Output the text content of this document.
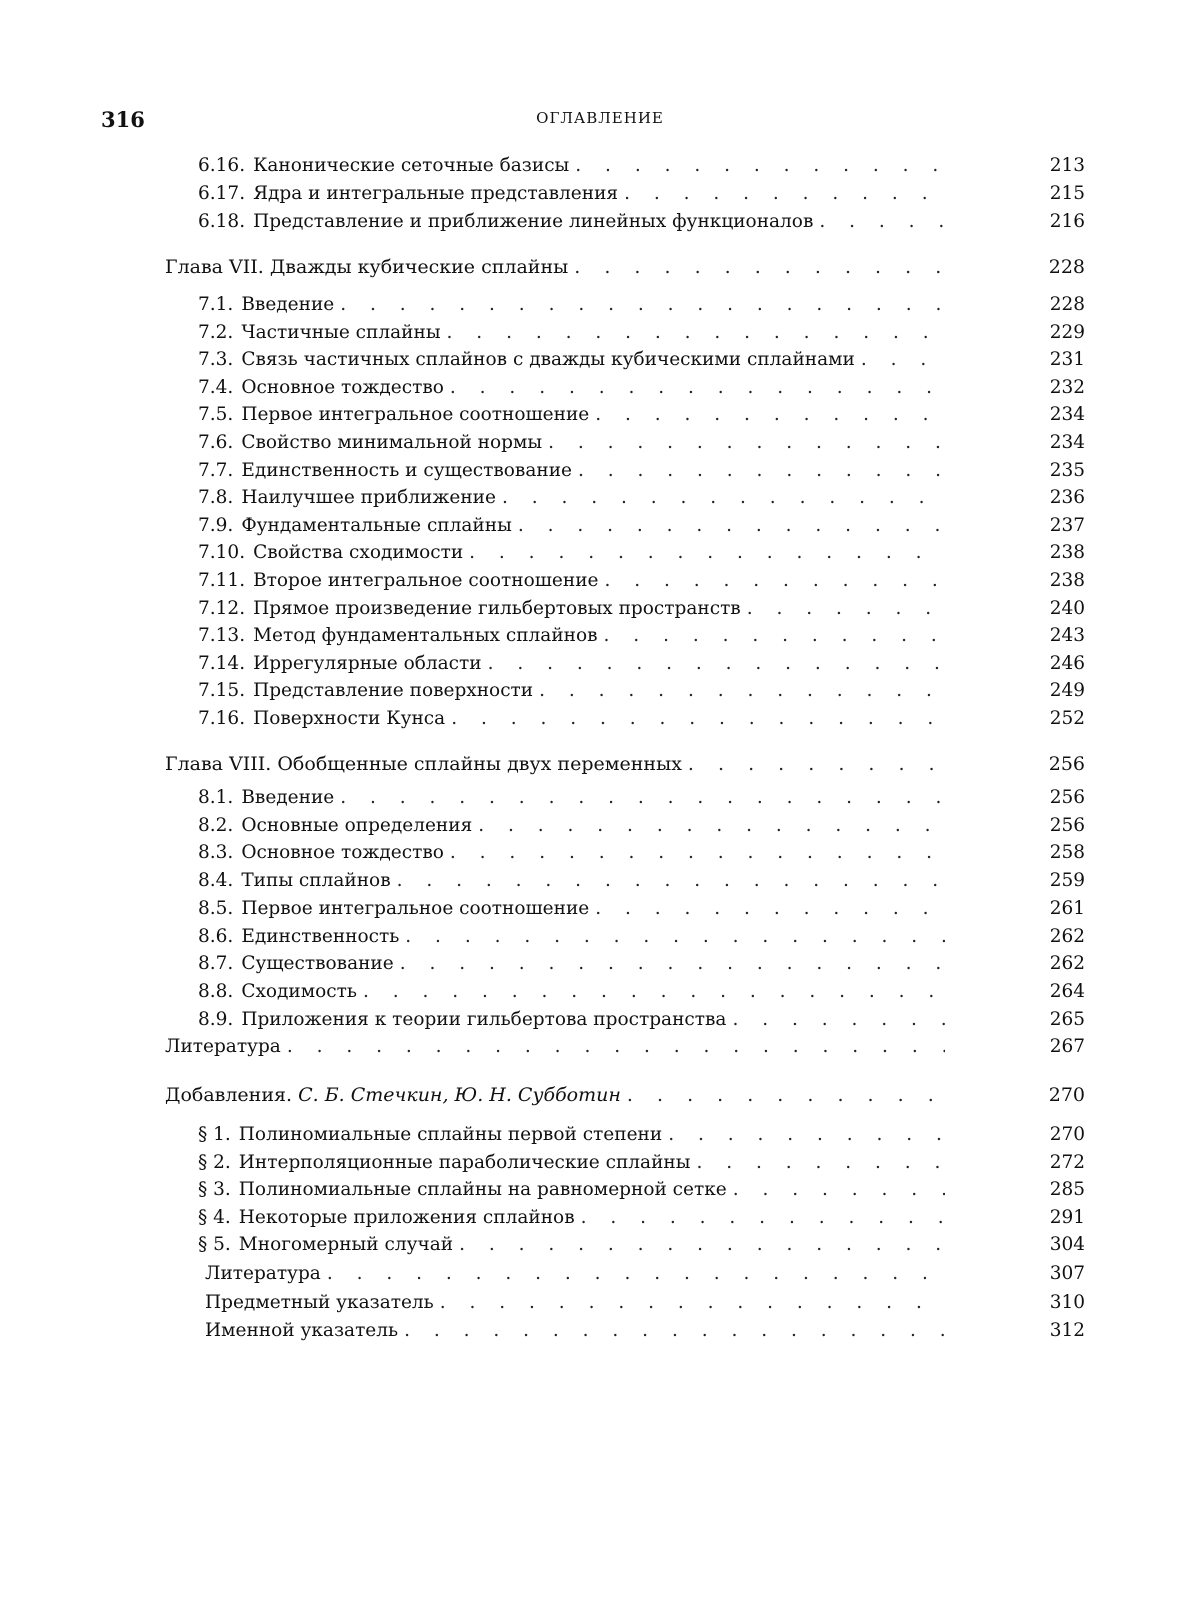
316	ОГЛАВЛЕНИЕ
6.16. Канонические сеточные базисы . . . . . . . . . . . .	213
6.17. Ядра и интегральные представления . . . . . . . . . . .	215
6.18. Представление и приближение линейных функционалов . . . .	216
Глава VII. Дважды кубические сплайны . . . . . . . . . . . .	228
7.1. Введение . . . . . . . . . . . . . . . . . . . .	228
7.2. Частичные сплайны . . . . . . . . . . . . . . . . .	229
7.3. Связь частичных сплайнов с дважды кубическими сплайнами . . .	231
7.4. Основное тождество . . . . . . . . . . . . . . . . .	232
7.5. Первое интегральное соотношение . . . . . . . . . . . .	234
7.6. Свойство минимальной нормы . . . . . . . . . . . . .	234
7.7. Единственность и существование . . . . . . . . . . . .	235
7.8. Наилучшее приближение . . . . . . . . . . . . . . .	236
7.9. Фундаментальные сплайны . . . . . . . . . . . . . .	237
7.10. Свойства сходимости . . . . . . . . . . . . . . . .	238
7.11. Второе интегральное соотношение . . . . . . . . . . .	238
7.12. Прямое произведение гильбертовых пространств . . . . . . .	240
7.13. Метод фундаментальных сплайнов . . . . . . . . . . . .	243
7.14. Иррегулярные области . . . . . . . . . . . . . . .	246
7.15. Представление поверхности . . . . . . . . . . . . . .	249
7.16. Поверхности Кунса . . . . . . . . . . . . . . . . .	252
Глава VIII. Обобщенные сплайны двух переменных . . . . . . . . .	256
8.1. Введение . . . . . . . . . . . . . . . . . . . .	256
8.2. Основные определения . . . . . . . . . . . . . . . .	256
8.3. Основное тождество . . . . . . . . . . . . . . . . .	258
8.4. Типы сплайнов . . . . . . . . . . . . . . . . . .	259
8.5. Первое интегральное соотношение . . . . . . . . . . . .	261
8.6. Единственность . . . . . . . . . . . . . . . . . .	262
8.7. Существование . . . . . . . . . . . . . . . . . .	262
8.8. Сходимость . . . . . . . . . . . . . . . . . . . .	264
8.9. Приложения к теории гильбертова пространства . . . . . . .	265
Литература . . . . . . . . . . . . . . . . . . . . . .	267
Добавления.
С. Б. Стечкин, Ю. Н. Субботин . . . . . . . . . . .	270
§ 1. Полиномиальные сплайны первой степени . . . . . . . . .	270
§ 2. Интерполяционные параболические сплайны . . . . . . . .	272
§ 3. Полиномиальные сплайны на равномерной сетке . . . . . . .	285
§ 4. Некоторые приложения сплайнов . . . . . . . . . . . .	291
§ 5. Многомерный случай . . . . . . . . . . . . . . . .	304
Литература . . . . . . . . . . . . . . . . . . . . .	307
Предметный указатель . . . . . . . . . . . . . . . . .	310
Именной указатель . . . . . . . . . . . . . . . . . .	312
